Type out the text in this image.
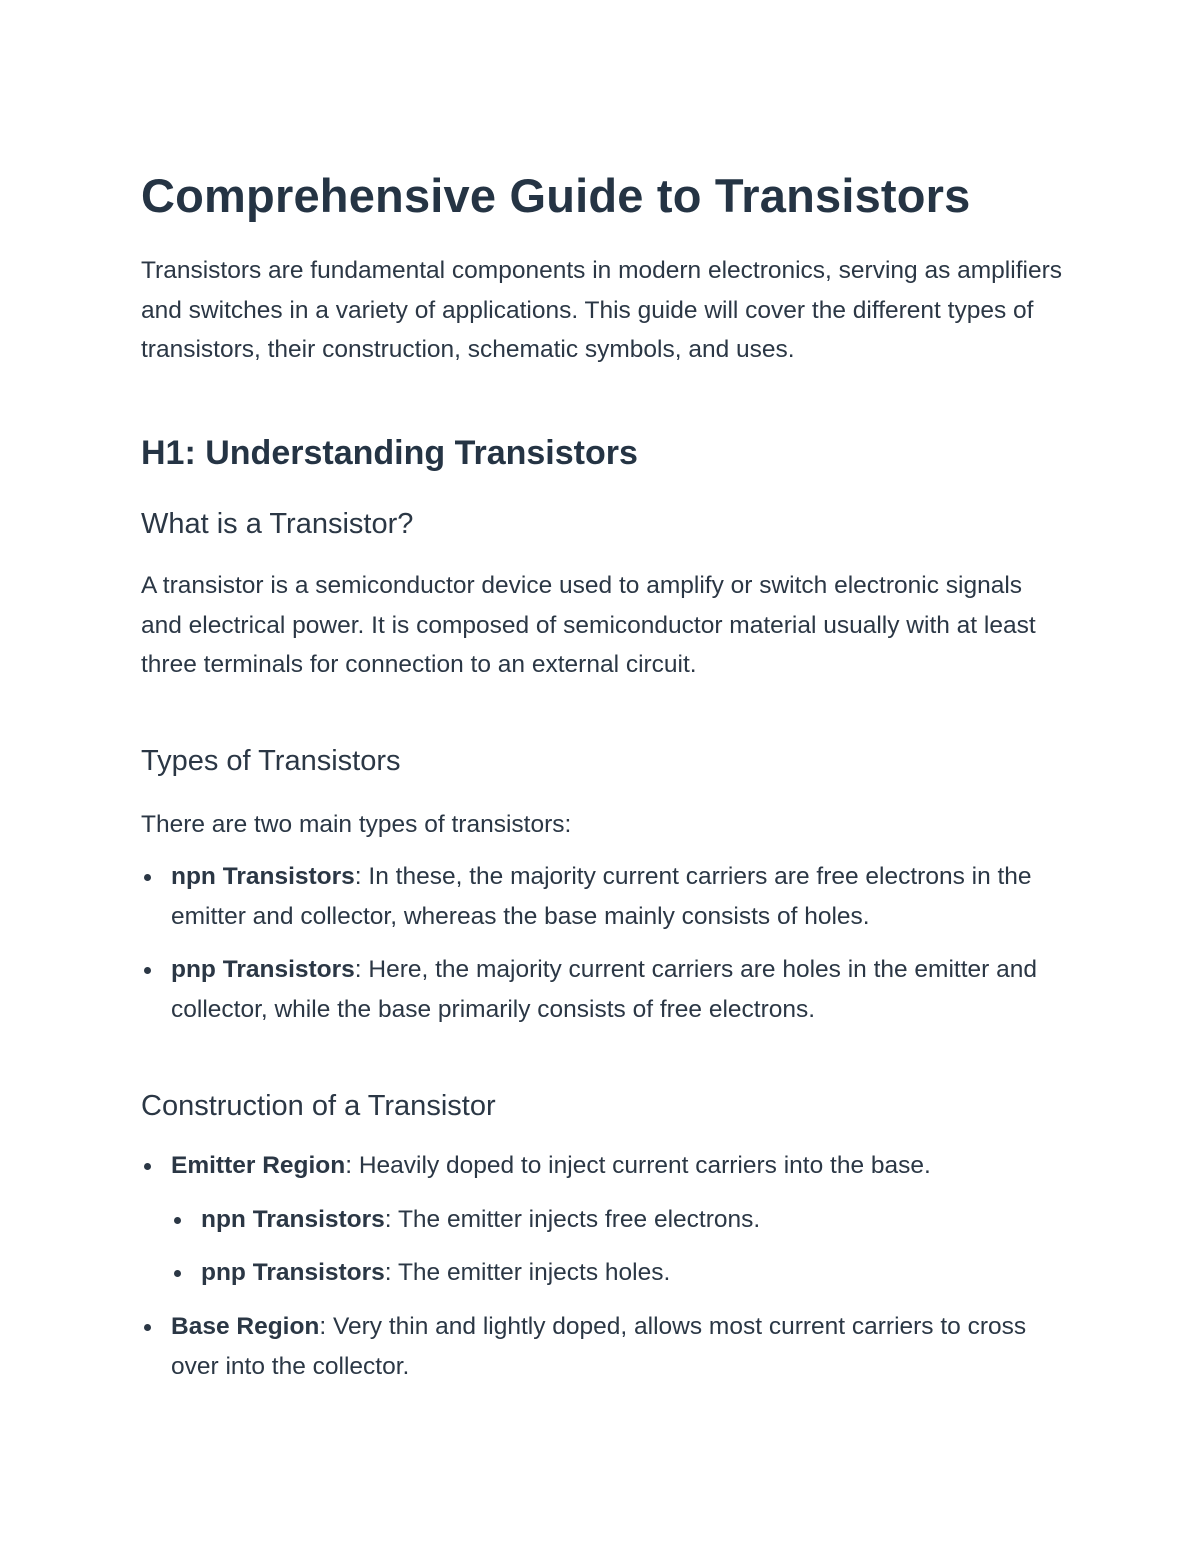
Comprehensive Guide to Transistors

Transistors are fundamental components in modern electronics, serving as amplifiers and switches in a variety of applications. This guide will cover the different types of transistors, their construction, schematic symbols, and uses.

H1: Understanding Transistors
What is a Transistor?

A transistor is a semiconductor device used to amplify or switch electronic signals and electrical power. It is composed of semiconductor material usually with at least three terminals for connection to an external circuit.

Types of Transistors

There are two main types of transistors:

npn Transistors: In these, the majority current carriers are free electrons in the emitter and collector, whereas the base mainly consists of holes.
pnp Transistors: Here, the majority current carriers are holes in the emitter and collector, while the base primarily consists of free electrons.
Construction of a Transistor
Emitter Region: Heavily doped to inject current carriers into the base.
npn Transistors: The emitter injects free electrons.
pnp Transistors: The emitter injects holes.
Base Region: Very thin and lightly doped, allows most current carriers to cross over into the collector.
